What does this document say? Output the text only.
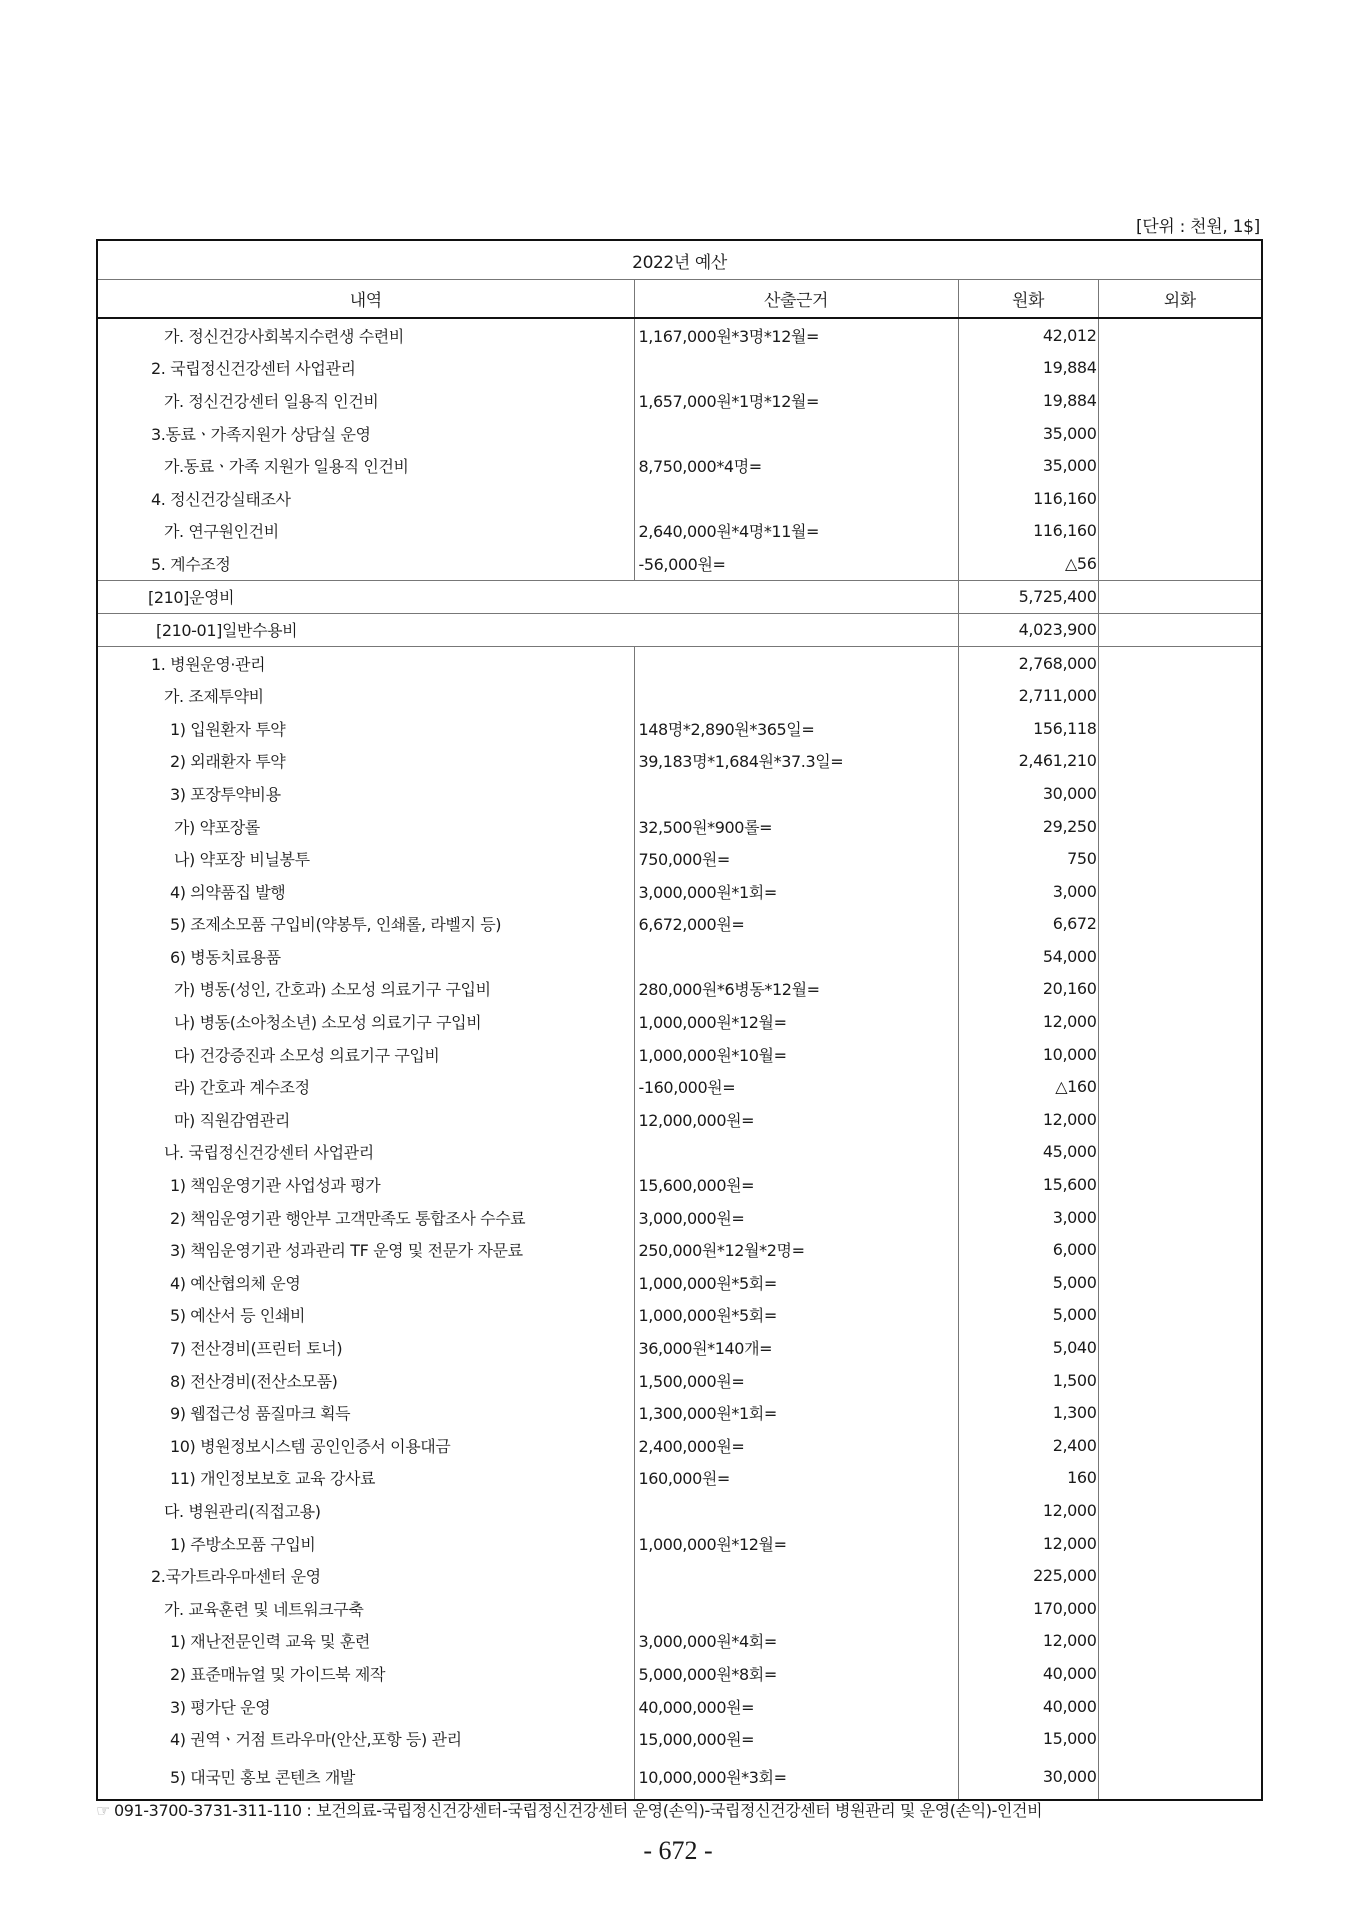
[단위 : 천원, 1$]
2022년 예산			
내역	산출근거	원화	외화
가. 정신건강사회복지수련생 수련비	1,167,000원*3명*12월=	42,012	
2. 국립정신건강센터 사업관리		19,884	
가. 정신건강센터 일용직 인건비	1,657,000원*1명*12월=	19,884	
3.동료ㆍ가족지원가 상담실 운영		35,000	
가.동료ㆍ가족 지원가 일용직 인건비	8,750,000*4명=	35,000	
4. 정신건강실태조사		116,160	
가. 연구원인건비	2,640,000원*4명*11월=	116,160	
5. 계수조정	-56,000원=	△56	
[210]운영비		5,725,400	
[210-01]일반수용비		4,023,900	
1. 병원운영·관리		2,768,000	
가. 조제투약비		2,711,000	
1) 입원환자 투약	148명*2,890원*365일=	156,118	
2) 외래환자 투약	39,183명*1,684원*37.3일=	2,461,210	
3) 포장투약비용		30,000	
가) 약포장롤	32,500원*900롤=	29,250	
나) 약포장 비닐봉투	750,000원=	750	
4) 의약품집 발행	3,000,000원*1회=	3,000	
5) 조제소모품 구입비(약봉투, 인쇄롤, 라벨지 등)	6,672,000원=	6,672	
6) 병동치료용품		54,000	
가) 병동(성인, 간호과) 소모성 의료기구 구입비	280,000원*6병동*12월=	20,160	
나) 병동(소아청소년) 소모성 의료기구 구입비	1,000,000원*12월=	12,000	
다) 건강증진과 소모성 의료기구 구입비	1,000,000원*10월=	10,000	
라) 간호과 계수조정	-160,000원=	△160	
마) 직원감염관리	12,000,000원=	12,000	
나. 국립정신건강센터 사업관리		45,000	
1) 책임운영기관 사업성과 평가	15,600,000원=	15,600	
2) 책임운영기관 행안부 고객만족도 통합조사 수수료	3,000,000원=	3,000	
3) 책임운영기관 성과관리 TF 운영 및 전문가 자문료	250,000원*12월*2명=	6,000	
4) 예산협의체 운영	1,000,000원*5회=	5,000	
5) 예산서 등 인쇄비	1,000,000원*5회=	5,000	
7) 전산경비(프린터 토너)	36,000원*140개=	5,040	
8) 전산경비(전산소모품)	1,500,000원=	1,500	
9) 웹접근성 품질마크 획득	1,300,000원*1회=	1,300	
10) 병원정보시스템 공인인증서 이용대금	2,400,000원=	2,400	
11) 개인정보보호 교육 강사료	160,000원=	160	
다. 병원관리(직접고용)		12,000	
1) 주방소모품 구입비	1,000,000원*12월=	12,000	
2.국가트라우마센터 운영		225,000	
가. 교육훈련 및 네트워크구축		170,000	
1) 재난전문인력 교육 및 훈련	3,000,000원*4회=	12,000	
2) 표준매뉴얼 및 가이드북 제작	5,000,000원*8회=	40,000	
3) 평가단 운영	40,000,000원=	40,000	
4) 권역ㆍ거점 트라우마(안산,포항 등) 관리	15,000,000원=	15,000	
5) 대국민 홍보 콘텐츠 개발	10,000,000원*3회=	30,000	
☞ 091-3700-3731-311-110 : 보건의료-국립정신건강센터-국립정신건강센터 운영(손익)-국립정신건강센터 병원관리 및 운영(손익)-인건비
- 672 -
